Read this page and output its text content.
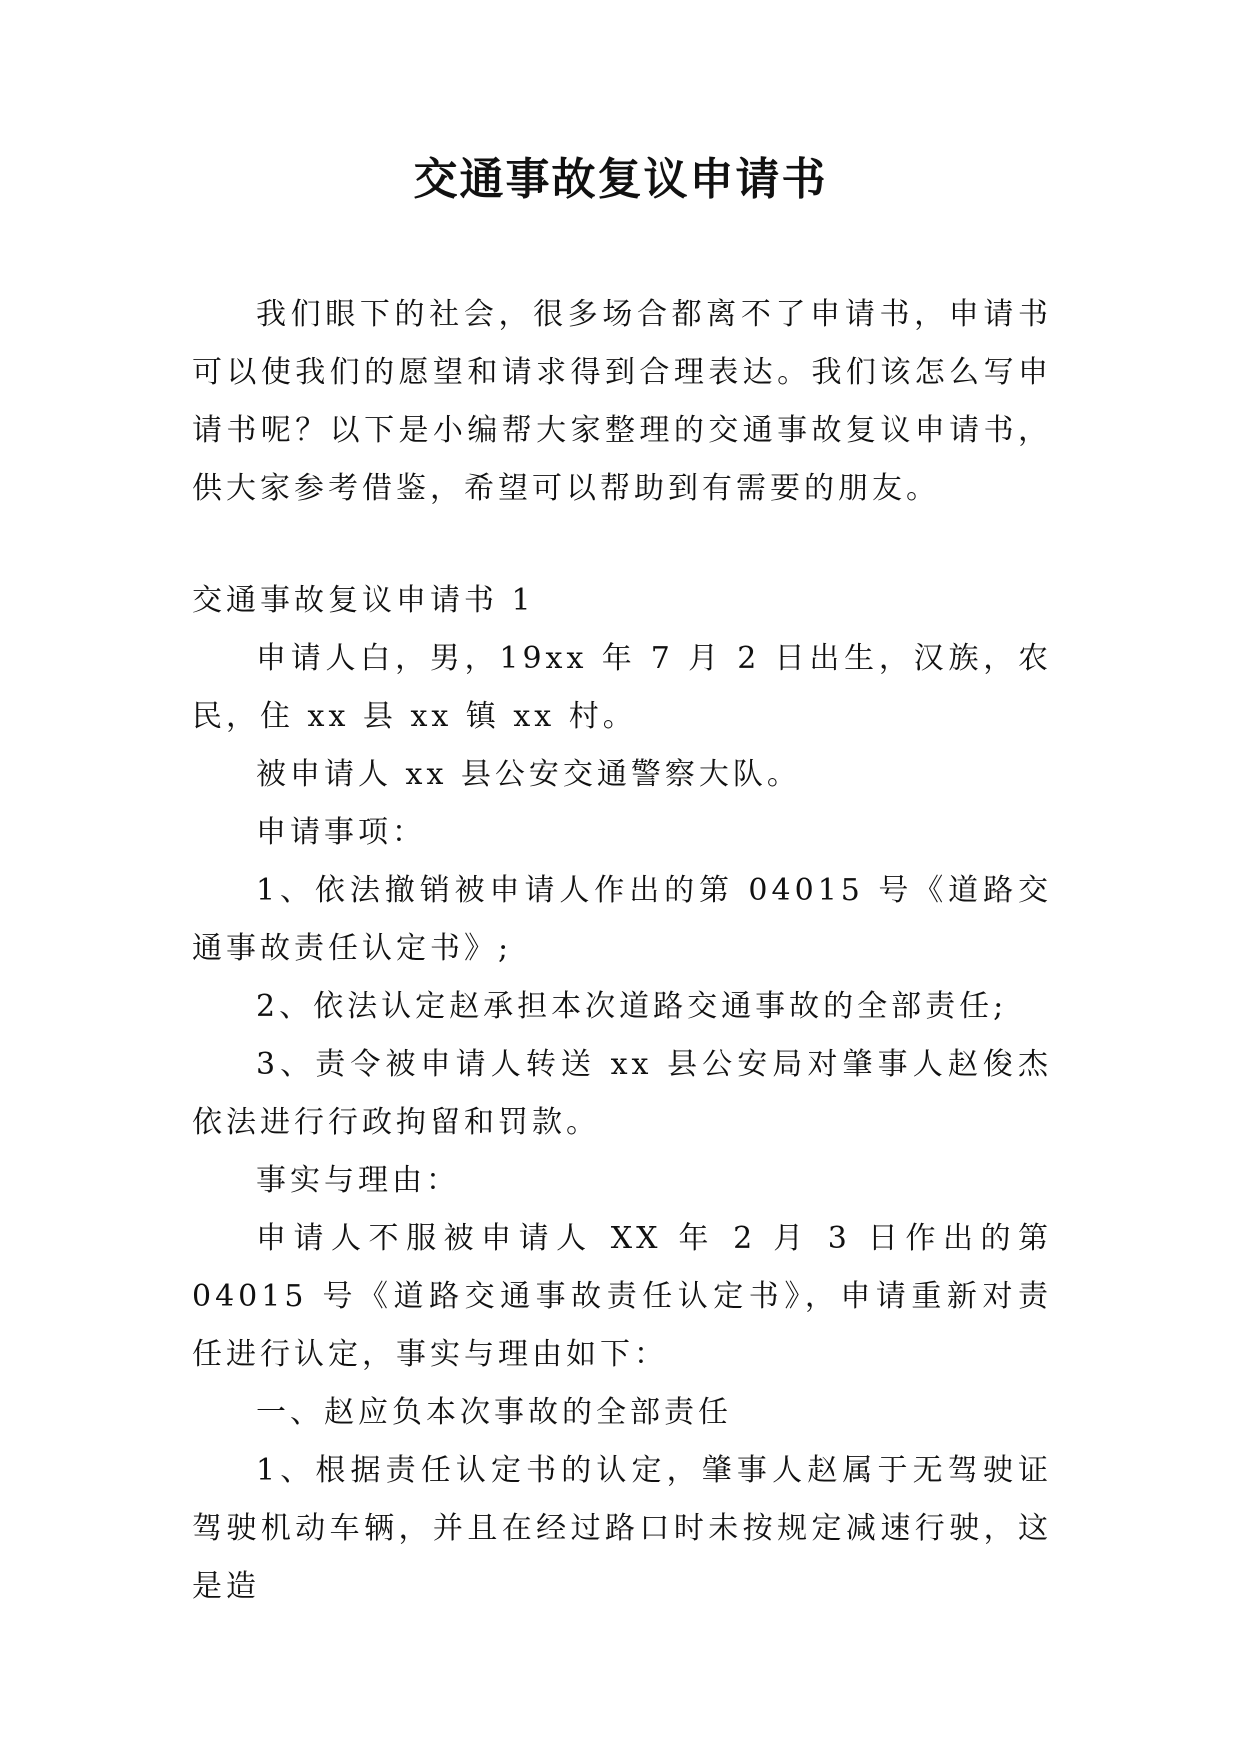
交通事故复议申请书

我们眼下的社会，很多场合都离不了申请书，申请书可以使我们的愿望和请求得到合理表达。我们该怎么写申请书呢？以下是小编帮大家整理的交通事故复议申请书，供大家参考借鉴，希望可以帮助到有需要的朋友。

交通事故复议申请书 1

申请人白，男，19xx 年 7 月 2 日出生，汉族，农民，住 xx 县 xx 镇 xx 村。

被申请人 xx 县公安交通警察大队。

申请事项：

1、依法撤销被申请人作出的第 04015 号《道路交通事故责任认定书》;

2、依法认定赵承担本次道路交通事故的全部责任;

3、责令被申请人转送 xx 县公安局对肇事人赵俊杰依法进行行政拘留和罚款。

事实与理由：

申请人不服被申请人 XX 年 2 月 3 日作出的第 04015 号《道路交通事故责任认定书》，申请重新对责任进行认定，事实与理由如下：

一、赵应负本次事故的全部责任

1、根据责任认定书的认定，肇事人赵属于无驾驶证驾驶机动车辆，并且在经过路口时未按规定减速行驶，这是造
